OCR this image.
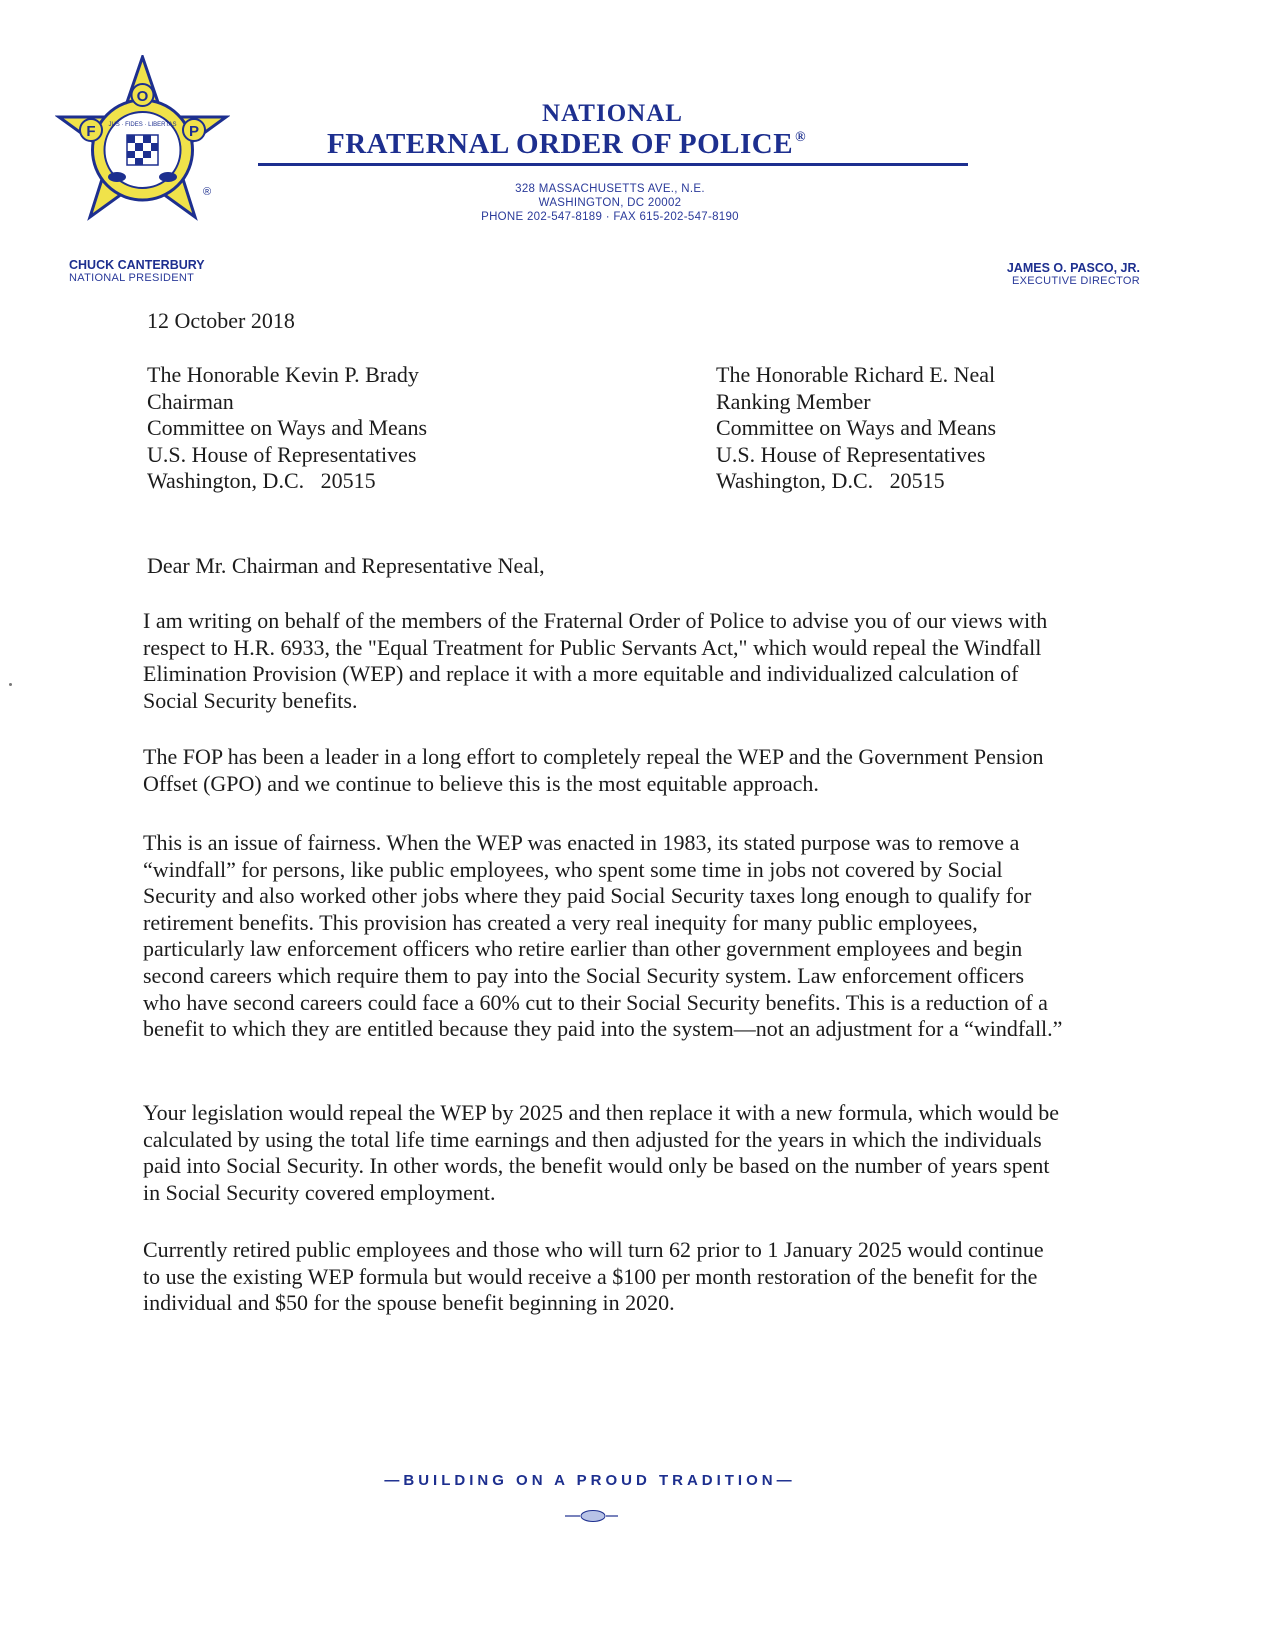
O
F	P
JUS · FIDES · LIBERTAS
®
NATIONAL
FRATERNAL ORDER OF POLICE ®
328 MASSACHUSETTS AVE., N.E.
WASHINGTON, DC 20002
PHONE 202-547-8189 · FAX 615-202-547-8190
CHUCK CANTERBURY
NATIONAL PRESIDENT
JAMES O. PASCO, JR.
EXECUTIVE DIRECTOR
12 October 2018
The Honorable Kevin P. Brady
Chairman
Committee on Ways and Means
U.S. House of Representatives
Washington, D.C.   20515
The Honorable Richard E. Neal
Ranking Member
Committee on Ways and Means
U.S. House of Representatives
Washington, D.C.   20515
Dear Mr. Chairman and Representative Neal,
I am writing on behalf of the members of the Fraternal Order of Police to advise you of our views with respect to H.R. 6933, the "Equal Treatment for Public Servants Act," which would repeal the Windfall Elimination Provision (WEP) and replace it with a more equitable and individualized calculation of Social Security benefits.
The FOP has been a leader in a long effort to completely repeal the WEP and the Government Pension Offset (GPO) and we continue to believe this is the most equitable approach.
This is an issue of fairness. When the WEP was enacted in 1983, its stated purpose was to remove a “windfall” for persons, like public employees, who spent some time in jobs not covered by Social Security and also worked other jobs where they paid Social Security taxes long enough to qualify for retirement benefits. This provision has created a very real inequity for many public employees, particularly law enforcement officers who retire earlier than other government employees and begin second careers which require them to pay into the Social Security system. Law enforcement officers who have second careers could face a 60% cut to their Social Security benefits. This is a reduction of a benefit to which they are entitled because they paid into the system—not an adjustment for a “windfall.”
Your legislation would repeal the WEP by 2025 and then replace it with a new formula, which would be calculated by using the total life time earnings and then adjusted for the years in which the individuals paid into Social Security. In other words, the benefit would only be based on the number of years spent in Social Security covered employment.
Currently retired public employees and those who will turn 62 prior to 1 January 2025 would continue to use the existing WEP formula but would receive a $100 per month restoration of the benefit for the individual and $50 for the spouse benefit beginning in 2020.
—BUILDING ON A PROUD TRADITION—
